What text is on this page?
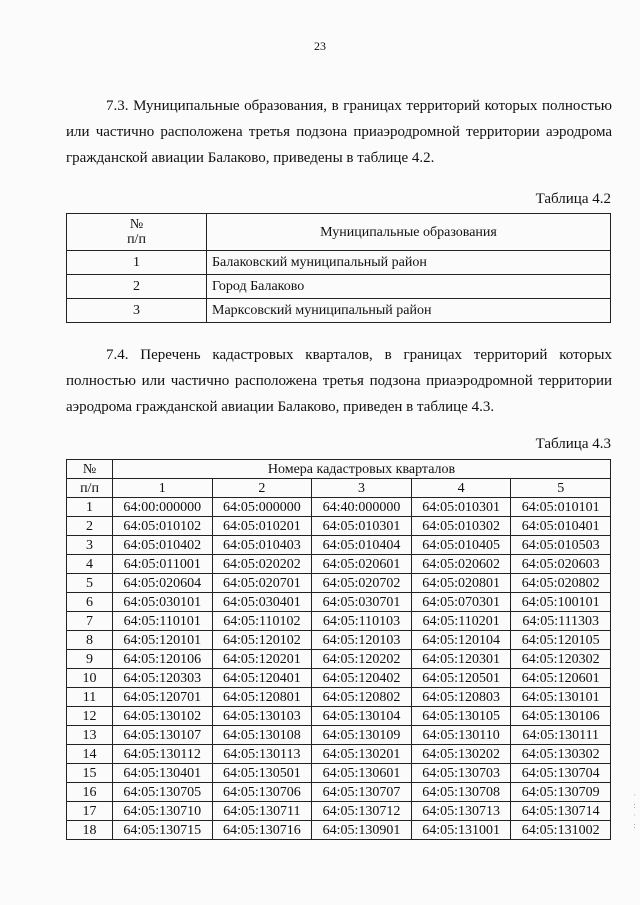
23

7.3. Муниципальные образования, в границах территорий которых полностью
или частично расположена третья подзона приаэродромной территории аэродрома
гражданской авиации Балаково, приведены в таблице 4.2.

Таблица 4.2
№
п/п	Муниципальные образования
1	Балаковский муниципальный район
2	Город Балаково
3	Марксовский муниципальный район

7.4. Перечень кадастровых кварталов, в границах территорий которых
полностью или частично расположена третья подзона приаэродромной территории
аэродрома гражданской авиации Балаково, приведен в таблице 4.3.

Таблица 4.3
№	Номера кадастровых кварталов				
п/п	1	2	3	4	5
1	64:00:000000	64:05:000000	64:40:000000	64:05:010301	64:05:010101
2	64:05:010102	64:05:010201	64:05:010301	64:05:010302	64:05:010401
3	64:05:010402	64:05:010403	64:05:010404	64:05:010405	64:05:010503
4	64:05:011001	64:05:020202	64:05:020601	64:05:020602	64:05:020603
5	64:05:020604	64:05:020701	64:05:020702	64:05:020801	64:05:020802
6	64:05:030101	64:05:030401	64:05:030701	64:05:070301	64:05:100101
7	64:05:110101	64:05:110102	64:05:110103	64:05:110201	64:05:111303
8	64:05:120101	64:05:120102	64:05:120103	64:05:120104	64:05:120105
9	64:05:120106	64:05:120201	64:05:120202	64:05:120301	64:05:120302
10	64:05:120303	64:05:120401	64:05:120402	64:05:120501	64:05:120601
11	64:05:120701	64:05:120801	64:05:120802	64:05:120803	64:05:130101
12	64:05:130102	64:05:130103	64:05:130104	64:05:130105	64:05:130106
13	64:05:130107	64:05:130108	64:05:130109	64:05:130110	64:05:130111
14	64:05:130112	64:05:130113	64:05:130201	64:05:130202	64:05:130302
15	64:05:130401	64:05:130501	64:05:130601	64:05:130703	64:05:130704
16	64:05:130705	64:05:130706	64:05:130707	64:05:130708	64:05:130709
17	64:05:130710	64:05:130711	64:05:130712	64:05:130713	64:05:130714
18	64:05:130715	64:05:130716	64:05:130901	64:05:131001	64:05:131002
·
:
·
:
